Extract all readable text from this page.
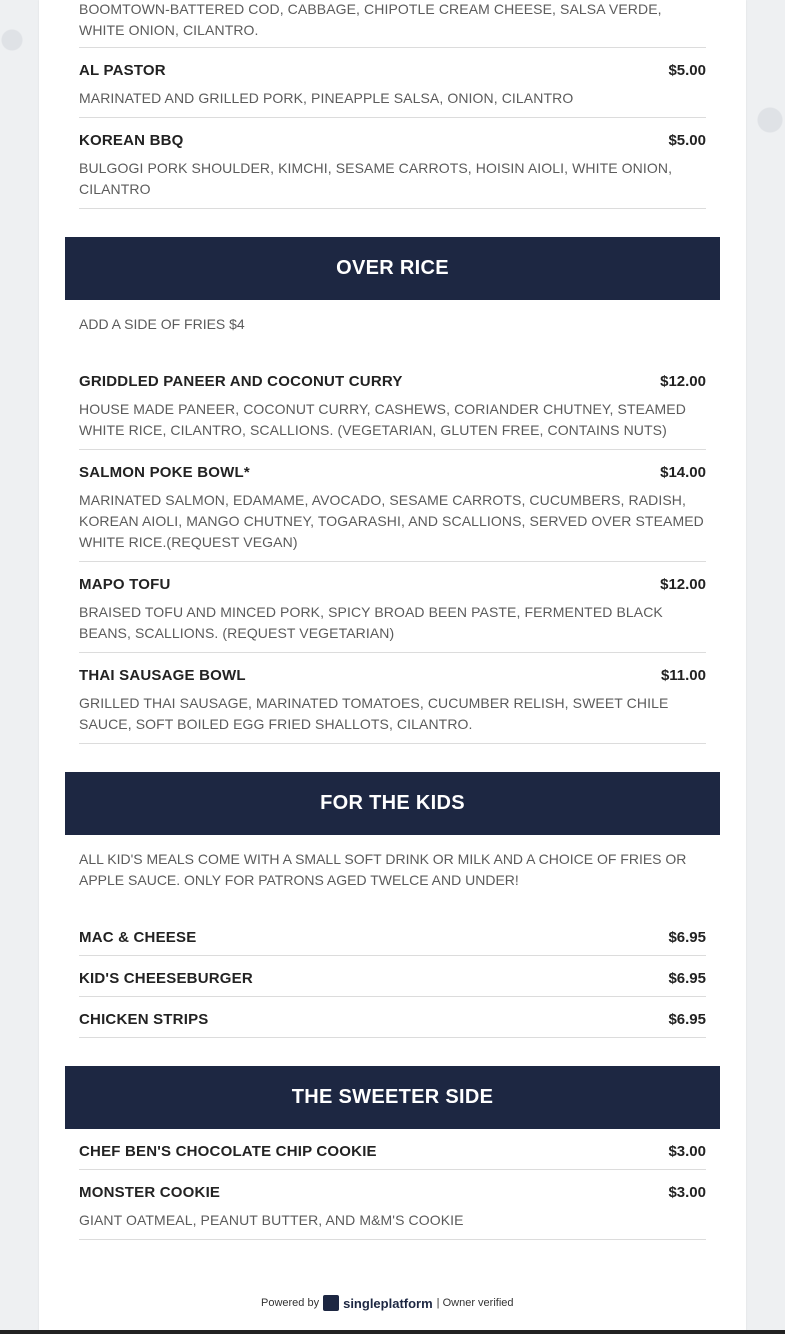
BOOMTOWN-BATTERED COD, CABBAGE, CHIPOTLE CREAM CHEESE, SALSA VERDE, WHITE ONION, CILANTRO.
AL PASTOR	$5.00
MARINATED AND GRILLED PORK, PINEAPPLE SALSA, ONION, CILANTRO
KOREAN BBQ	$5.00
BULGOGI PORK SHOULDER, KIMCHI, SESAME CARROTS, HOISIN AIOLI, WHITE ONION, CILANTRO
OVER RICE
ADD A SIDE OF FRIES $4
GRIDDLED PANEER AND COCONUT CURRY	$12.00
HOUSE MADE PANEER, COCONUT CURRY, CASHEWS, CORIANDER CHUTNEY, STEAMED WHITE RICE, CILANTRO, SCALLIONS. (VEGETARIAN, GLUTEN FREE, CONTAINS NUTS)
SALMON POKE BOWL*	$14.00
MARINATED SALMON, EDAMAME, AVOCADO, SESAME CARROTS, CUCUMBERS, RADISH, KOREAN AIOLI, MANGO CHUTNEY, TOGARASHI, AND SCALLIONS, SERVED OVER STEAMED WHITE RICE.(REQUEST VEGAN)
MAPO TOFU	$12.00
BRAISED TOFU AND MINCED PORK, SPICY BROAD BEEN PASTE, FERMENTED BLACK BEANS, SCALLIONS. (REQUEST VEGETARIAN)
THAI SAUSAGE BOWL	$11.00
GRILLED THAI SAUSAGE, MARINATED TOMATOES, CUCUMBER RELISH, SWEET CHILE SAUCE, SOFT BOILED EGG FRIED SHALLOTS, CILANTRO.
FOR THE KIDS
ALL KID'S MEALS COME WITH A SMALL SOFT DRINK OR MILK AND A CHOICE OF FRIES OR APPLE SAUCE. ONLY FOR PATRONS AGED TWELCE AND UNDER!
MAC & CHEESE	$6.95
KID'S CHEESEBURGER	$6.95
CHICKEN STRIPS	$6.95
THE SWEETER SIDE
CHEF BEN'S CHOCOLATE CHIP COOKIE	$3.00
MONSTER COOKIE	$3.00
GIANT OATMEAL, PEANUT BUTTER, AND M&M'S COOKIE
Powered by singleplatform | Owner verified
